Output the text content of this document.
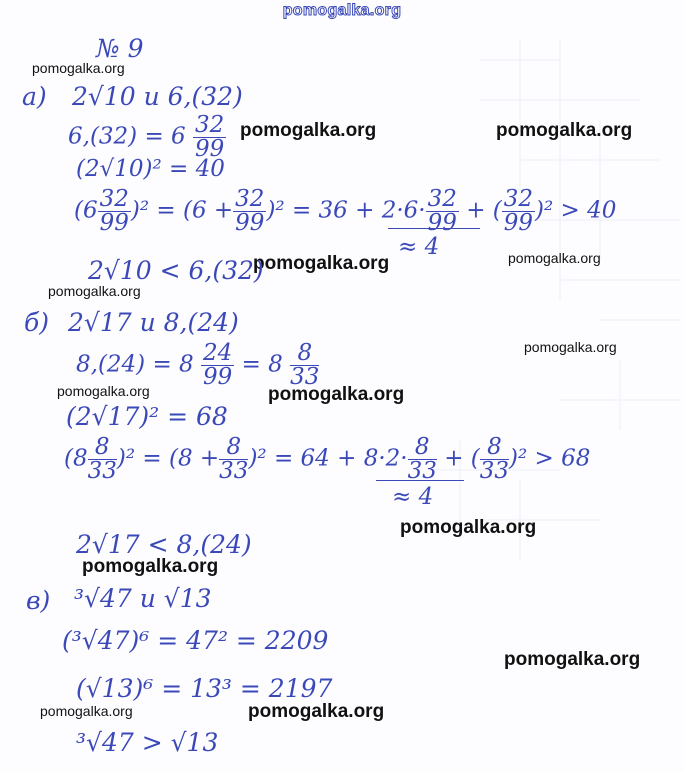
pomogalka.org
pomogalka.org
pomogalka.org	pomogalka.org
pomogalka.org	pomogalka.org
pomogalka.org
pomogalka.org
pomogalka.org	pomogalka.org
pomogalka.org
pomogalka.org
pomogalka.org
pomogalka.org	pomogalka.org
№ 9
а) 2√10 и 6,(32)
$6,(32) = 6 \frac{32}{99}$
(2√10)² = 40
$(6 \frac{32}{99} )^2 = (6 + \frac{32}{99} )^2 = 36 + 2\cdot 6\cdot \frac{32}{99}$ + ( $\frac{32}{99} )^2 > 40$
≈ 4
2√10 < 6,(32)
б) 2√17 и 8,(24)
$8,(24) = 8 \frac{24}{99} = 8 \frac{8}{33}$
(2√17)² = 68
$(8 \frac{8}{33} )^2 = (8 + \frac{8}{33} )^2 = 64 + 8\cdot 2\cdot \frac{8}{33}$ + ( $\frac{8}{33} )^2 > 68$
≈ 4
2√17 < 8,(24)
в) ³√47 и √13
(³√47)⁶ = 47² = 2209
(√13)⁶ = 13³ = 2197
³√47 > √13
